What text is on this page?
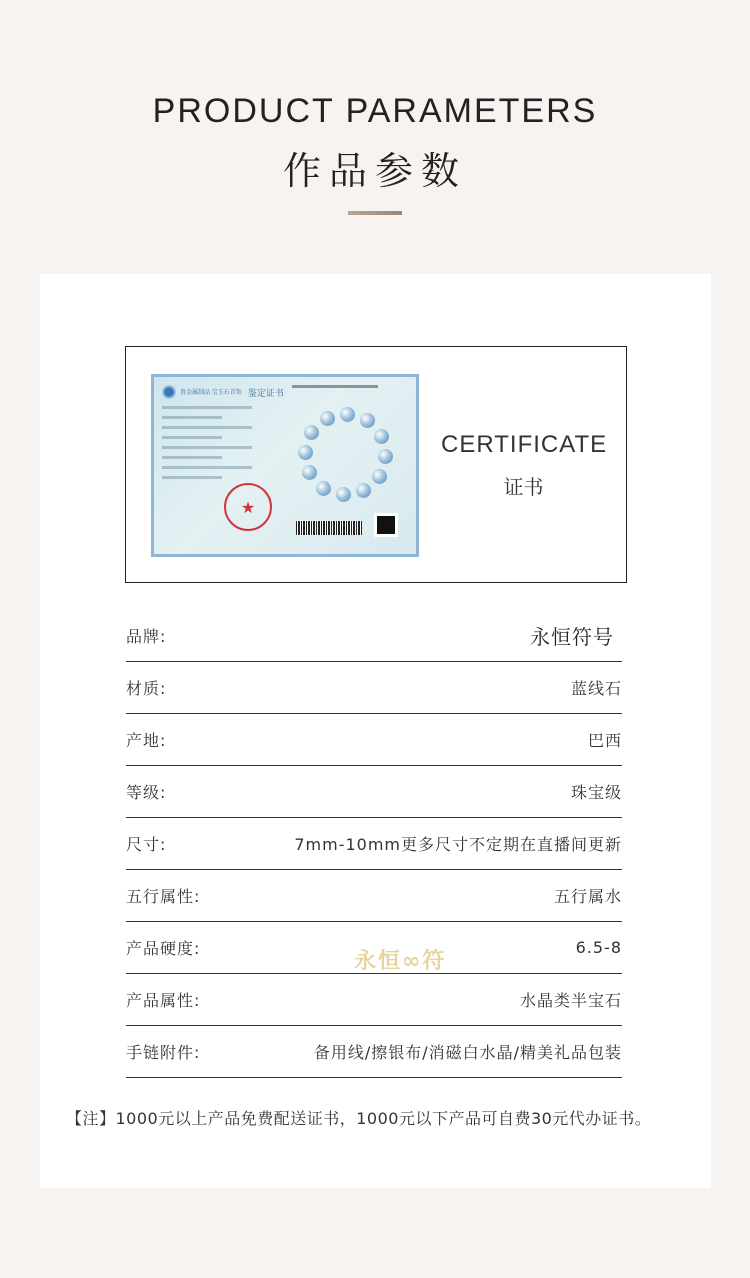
PRODUCT PARAMETERS
作品参数
贵金属制品 宝玉石首饰 鉴定证书
★
CERTIFICATE
证书
品牌:	永恒符号
材质:	蓝线石
产地:	巴西
等级:	珠宝级
尺寸:	7mm-10mm更多尺寸不定期在直播间更新
五行属性:	五行属水
产品硬度:	6.5-8
产品属性:	水晶类半宝石
手链附件:	备用线/擦银布/消磁白水晶/精美礼品包装
永恒∞符
【注】1000元以上产品免费配送证书，1000元以下产品可自费30元代办证书。
